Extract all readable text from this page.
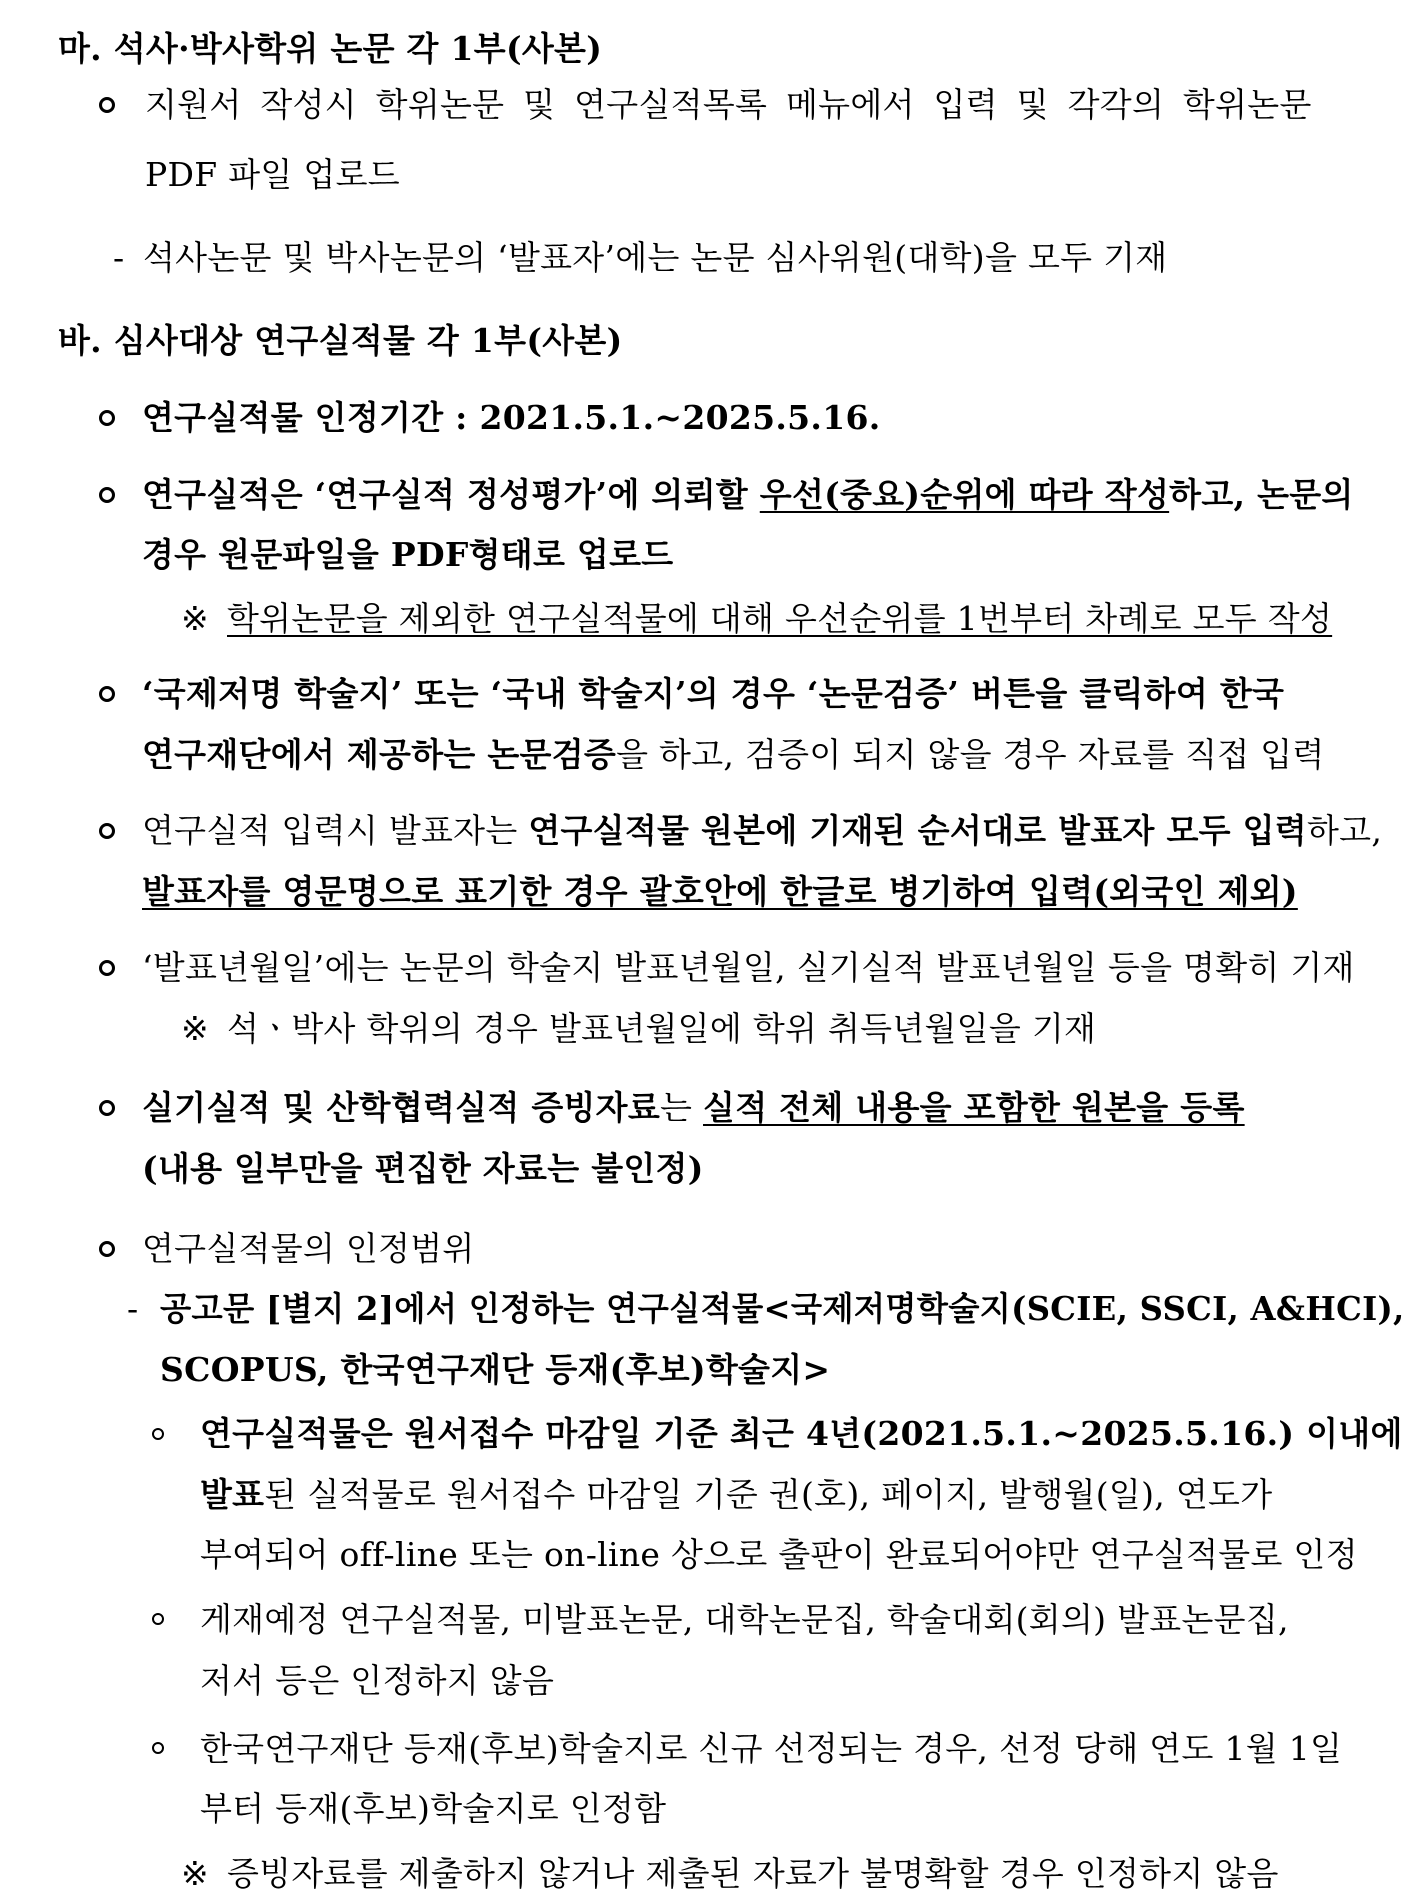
마. 석사·박사학위 논문 각 1부(사본)
지원서 작성시 학위논문 및 연구실적목록 메뉴에서 입력 및 각각의 학위논문
PDF 파일 업로드
- 석사논문 및 박사논문의 ‘발표자’에는 논문 심사위원(대학)을 모두 기재
바. 심사대상 연구실적물 각 1부(사본)
연구실적물 인정기간 : 2021.5.1.~2025.5.16.
연구실적은 ‘연구실적 정성평가’에 의뢰할 우선(중요)순위에 따라 작성하고, 논문의
경우 원문파일을 PDF형태로 업로드
※ 학위논문을 제외한 연구실적물에 대해 우선순위를 1번부터 차례로 모두 작성
‘국제저명 학술지’ 또는 ‘국내 학술지’의 경우 ‘논문검증’ 버튼을 클릭하여 한국
연구재단에서 제공하는 논문검증을 하고, 검증이 되지 않을 경우 자료를 직접 입력
연구실적 입력시 발표자는 연구실적물 원본에 기재된 순서대로 발표자 모두 입력하고,
발표자를 영문명으로 표기한 경우 괄호안에 한글로 병기하여 입력(외국인 제외)
‘발표년월일’에는 논문의 학술지 발표년월일, 실기실적 발표년월일 등을 명확히 기재
※ 석ㆍ박사 학위의 경우 발표년월일에 학위 취득년월일을 기재
실기실적 및 산학협력실적 증빙자료는 실적 전체 내용을 포함한 원본을 등록
(내용 일부만을 편집한 자료는 불인정)
연구실적물의 인정범위
- 공고문 [별지 2]에서 인정하는 연구실적물<국제저명학술지(SCIE, SSCI, A&HCI),
SCOPUS, 한국연구재단 등재(후보)학술지>
연구실적물은 원서접수 마감일 기준 최근 4년(2021.5.1.~2025.5.16.) 이내에
발표된 실적물로 원서접수 마감일 기준 권(호), 페이지, 발행월(일), 연도가
부여되어 off-line 또는 on-line 상으로 출판이 완료되어야만 연구실적물로 인정
게재예정 연구실적물, 미발표논문, 대학논문집, 학술대회(회의) 발표논문집,
저서 등은 인정하지 않음
한국연구재단 등재(후보)학술지로 신규 선정되는 경우, 선정 당해 연도 1월 1일
부터 등재(후보)학술지로 인정함
※ 증빙자료를 제출하지 않거나 제출된 자료가 불명확할 경우 인정하지 않음
